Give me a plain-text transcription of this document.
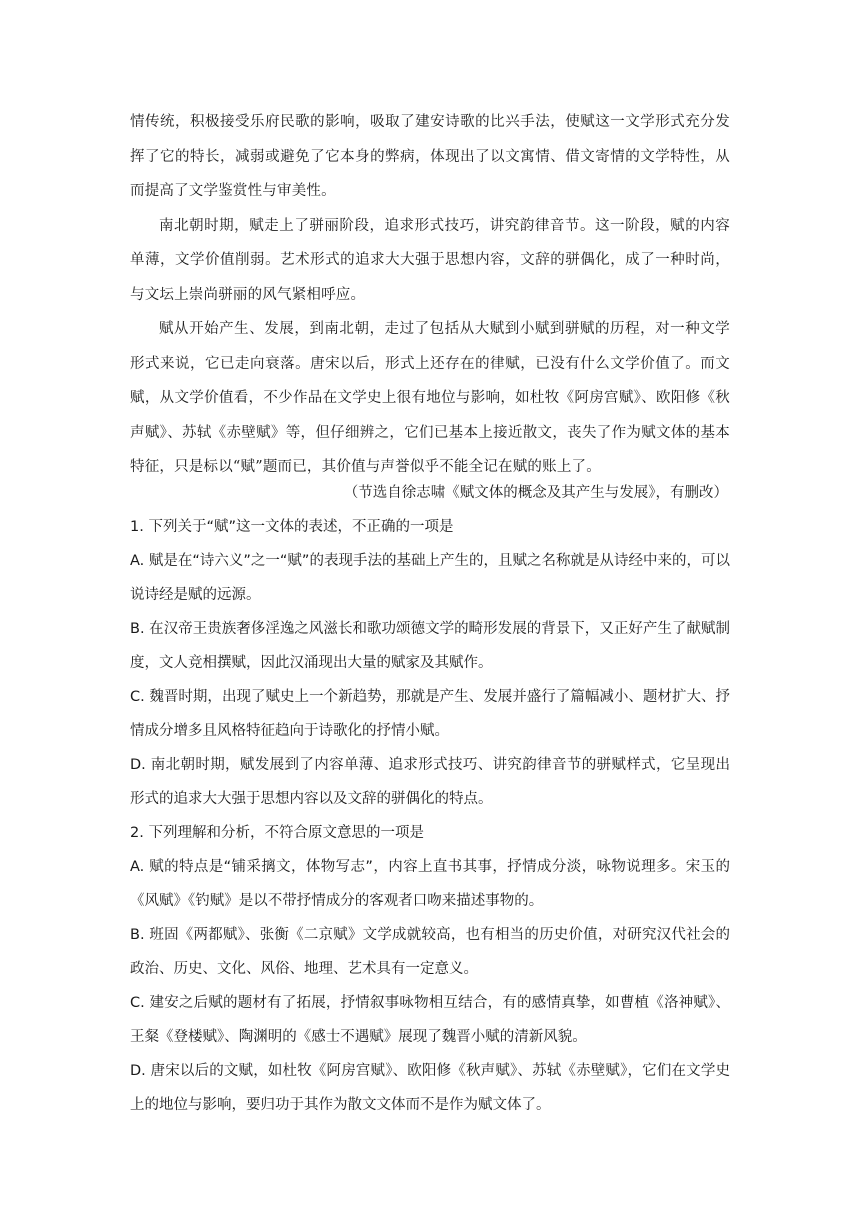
情传统，积极接受乐府民歌的影响，吸取了建安诗歌的比兴手法，使赋这一文学形式充分发挥了它的特长，减弱或避免了它本身的弊病，体现出了以文寓情、借文寄情的文学特性，从而提高了文学鉴赏性与审美性。

南北朝时期，赋走上了骈丽阶段，追求形式技巧，讲究韵律音节。这一阶段，赋的内容单薄，文学价值削弱。艺术形式的追求大大强于思想内容，文辞的骈偶化，成了一种时尚，与文坛上崇尚骈丽的风气紧相呼应。

赋从开始产生、发展，到南北朝，走过了包括从大赋到小赋到骈赋的历程，对一种文学形式来说，它已走向衰落。唐宋以后，形式上还存在的律赋，已没有什么文学价值了。而文赋，从文学价值看，不少作品在文学史上很有地位与影响，如杜牧《阿房宫赋》、欧阳修《秋声赋》、苏轼《赤壁赋》等，但仔细辨之，它们已基本上接近散文，丧失了作为赋文体的基本特征，只是标以“赋”题而已，其价值与声誉似乎不能全记在赋的账上了。

（节选自徐志啸《赋文体的概念及其产生与发展》，有删改）

1. 下列关于“赋”这一文体的表述，不正确的一项是

A. 赋是在“诗六义”之一“赋”的表现手法的基础上产生的，且赋之名称就是从诗经中来的，可以说诗经是赋的远源。

B. 在汉帝王贵族奢侈淫逸之风滋长和歌功颂德文学的畸形发展的背景下，又正好产生了献赋制度，文人竞相撰赋，因此汉涌现出大量的赋家及其赋作。

C. 魏晋时期，出现了赋史上一个新趋势，那就是产生、发展并盛行了篇幅减小、题材扩大、抒情成分增多且风格特征趋向于诗歌化的抒情小赋。

D. 南北朝时期，赋发展到了内容单薄、追求形式技巧、讲究韵律音节的骈赋样式，它呈现出形式的追求大大强于思想内容以及文辞的骈偶化的特点。

2. 下列理解和分析，不符合原文意思的一项是

A. 赋的特点是“铺采摛文，体物写志”，内容上直书其事，抒情成分淡，咏物说理多。宋玉的《风赋》《钓赋》是以不带抒情成分的客观者口吻来描述事物的。

B. 班固《两都赋》、张衡《二京赋》文学成就较高，也有相当的历史价值，对研究汉代社会的政治、历史、文化、风俗、地理、艺术具有一定意义。

C. 建安之后赋的题材有了拓展，抒情叙事咏物相互结合，有的感情真挚，如曹植《洛神赋》、王粲《登楼赋》、陶渊明的《感士不遇赋》展现了魏晋小赋的清新风貌。

D. 唐宋以后的文赋，如杜牧《阿房宫赋》、欧阳修《秋声赋》、苏轼《赤壁赋》，它们在文学史上的地位与影响，要归功于其作为散文文体而不是作为赋文体了。
